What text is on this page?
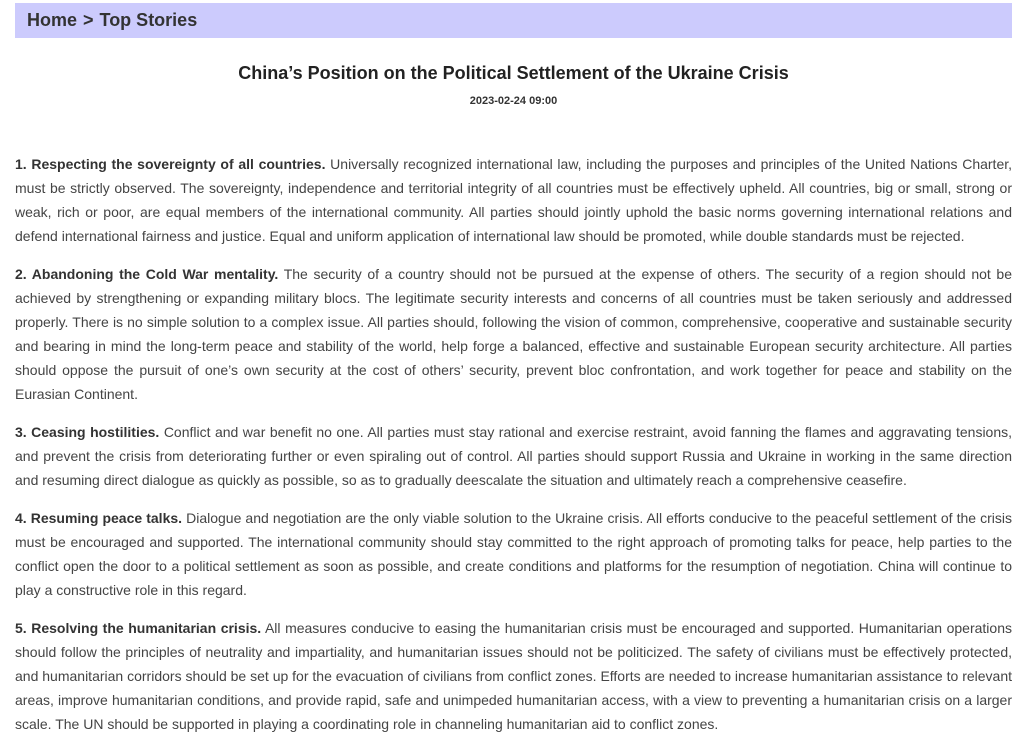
Home > Top Stories
China’s Position on the Political Settlement of the Ukraine Crisis
2023-02-24 09:00

1. Respecting the sovereignty of all countries. Universally recognized international law, including the purposes and principles of the United Nations Charter, must be strictly observed. The sovereignty, independence and territorial integrity of all countries must be effectively upheld. All countries, big or small, strong or weak, rich or poor, are equal members of the international community. All parties should jointly uphold the basic norms governing international relations and defend international fairness and justice. Equal and uniform application of international law should be promoted, while double standards must be rejected.

2. Abandoning the Cold War mentality. The security of a country should not be pursued at the expense of others. The security of a region should not be achieved by strengthening or expanding military blocs. The legitimate security interests and concerns of all countries must be taken seriously and addressed properly. There is no simple solution to a complex issue. All parties should, following the vision of common, comprehensive, cooperative and sustainable security and bearing in mind the long-term peace and stability of the world, help forge a balanced, effective and sustainable European security architecture. All parties should oppose the pursuit of one’s own security at the cost of others’ security, prevent bloc confrontation, and work together for peace and stability on the Eurasian Continent.

3. Ceasing hostilities. Conflict and war benefit no one. All parties must stay rational and exercise restraint, avoid fanning the flames and aggravating tensions, and prevent the crisis from deteriorating further or even spiraling out of control. All parties should support Russia and Ukraine in working in the same direction and resuming direct dialogue as quickly as possible, so as to gradually deescalate the situation and ultimately reach a comprehensive ceasefire.

4. Resuming peace talks. Dialogue and negotiation are the only viable solution to the Ukraine crisis. All efforts conducive to the peaceful settlement of the crisis must be encouraged and supported. The international community should stay committed to the right approach of promoting talks for peace, help parties to the conflict open the door to a political settlement as soon as possible, and create conditions and platforms for the resumption of negotiation. China will continue to play a constructive role in this regard.

5. Resolving the humanitarian crisis. All measures conducive to easing the humanitarian crisis must be encouraged and supported. Humanitarian operations should follow the principles of neutrality and impartiality, and humanitarian issues should not be politicized. The safety of civilians must be effectively protected, and humanitarian corridors should be set up for the evacuation of civilians from conflict zones. Efforts are needed to increase humanitarian assistance to relevant areas, improve humanitarian conditions, and provide rapid, safe and unimpeded humanitarian access, with a view to preventing a humanitarian crisis on a larger scale. The UN should be supported in playing a coordinating role in channeling humanitarian aid to conflict zones.
